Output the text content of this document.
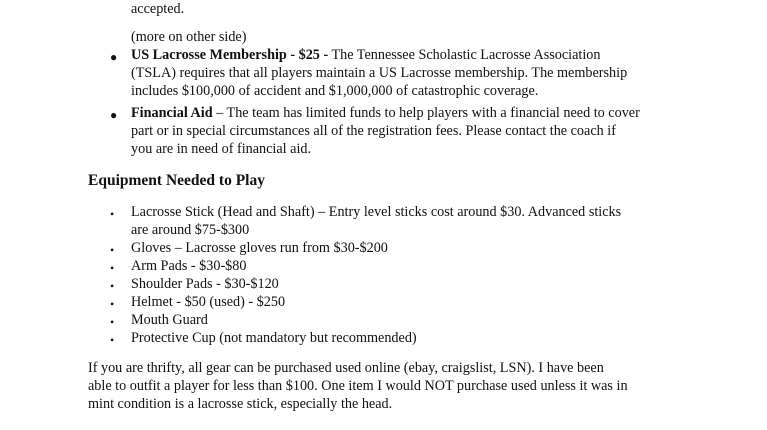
accepted.
(more on other side)
● US Lacrosse Membership - $25 - The Tennessee Scholastic Lacrosse Association
(TSLA) requires that all players maintain a US Lacrosse membership. The membership
includes $100,000 of accident and $1,000,000 of catastrophic coverage.
● Financial Aid – The team has limited funds to help players with a financial need to cover
part or in special circumstances all of the registration fees. Please contact the coach if
you are in need of financial aid.
Equipment Needed to Play
• Lacrosse Stick (Head and Shaft) – Entry level sticks cost around $30. Advanced sticks
are around $75-$300
• Gloves – Lacrosse gloves run from $30-$200
• Arm Pads - $30-$80
• Shoulder Pads - $30-$120
• Helmet - $50 (used) - $250
• Mouth Guard
• Protective Cup (not mandatory but recommended)
If you are thrifty, all gear can be purchased used online (ebay, craigslist, LSN). I have been
able to outfit a player for less than $100. One item I would NOT purchase used unless it was in
mint condition is a lacrosse stick, especially the head.
